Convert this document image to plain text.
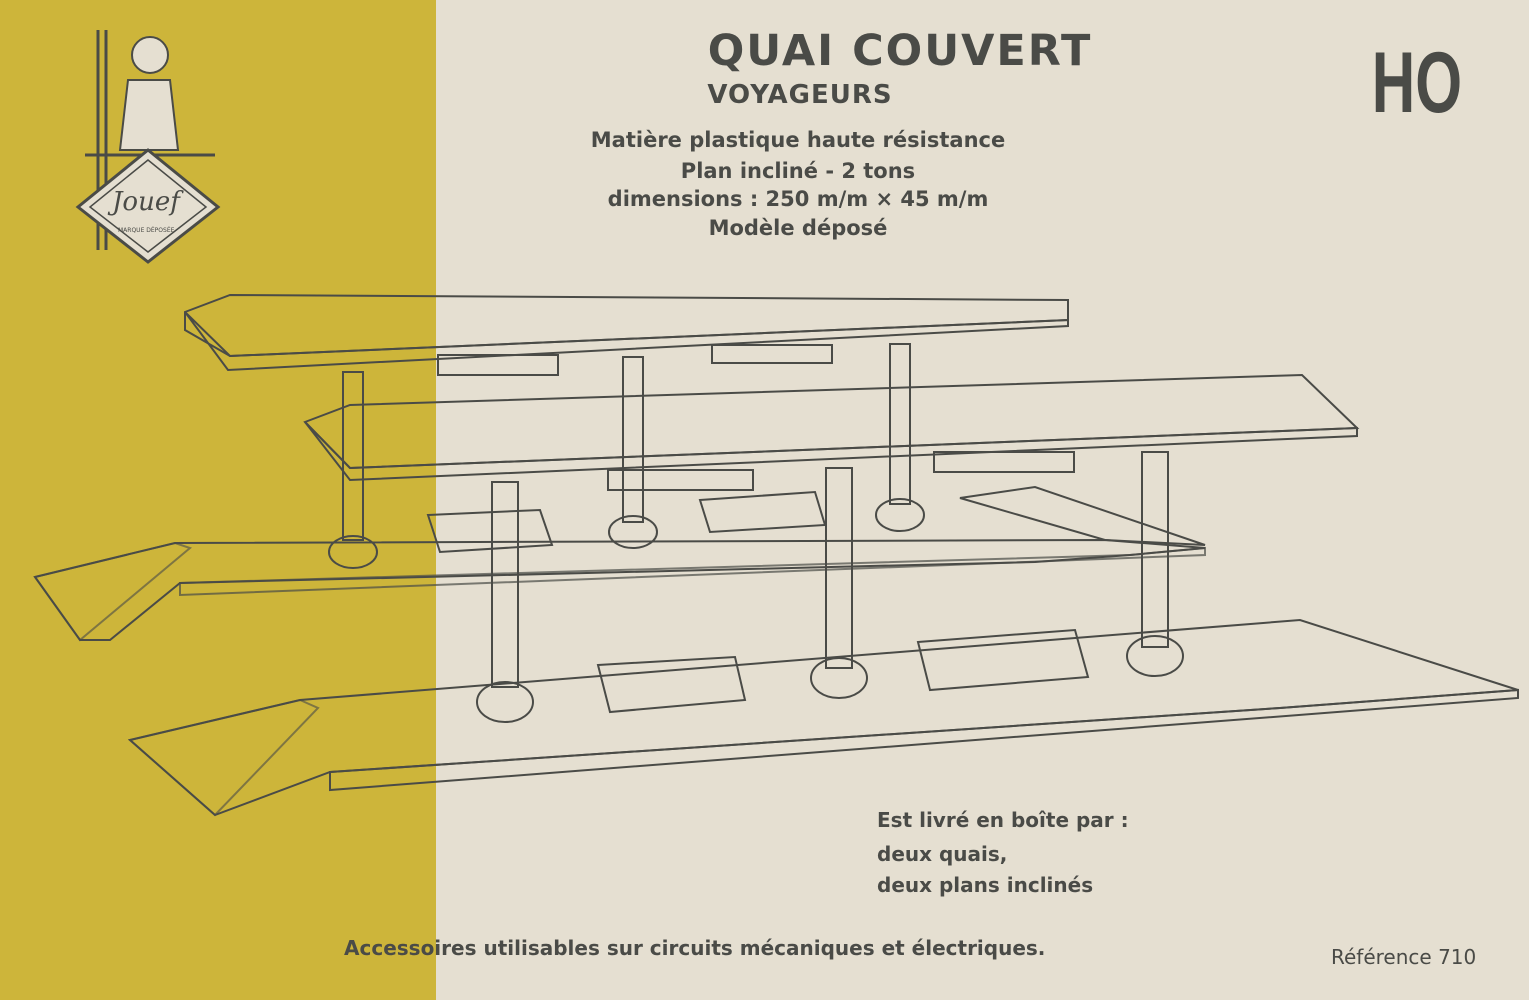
Jouef
MARQUE DÉPOSÉE
QUAI COUVERT
VOYAGEURS
Matière plastique haute résistance
Plan incliné - 2 tons
dimensions : 250 m/m × 45 m/m
Modèle déposé
HO
Est livré en boîte par :
deux quais,
deux plans inclinés
Accessoires utilisables sur circuits mécaniques et électriques.	Référence 710
